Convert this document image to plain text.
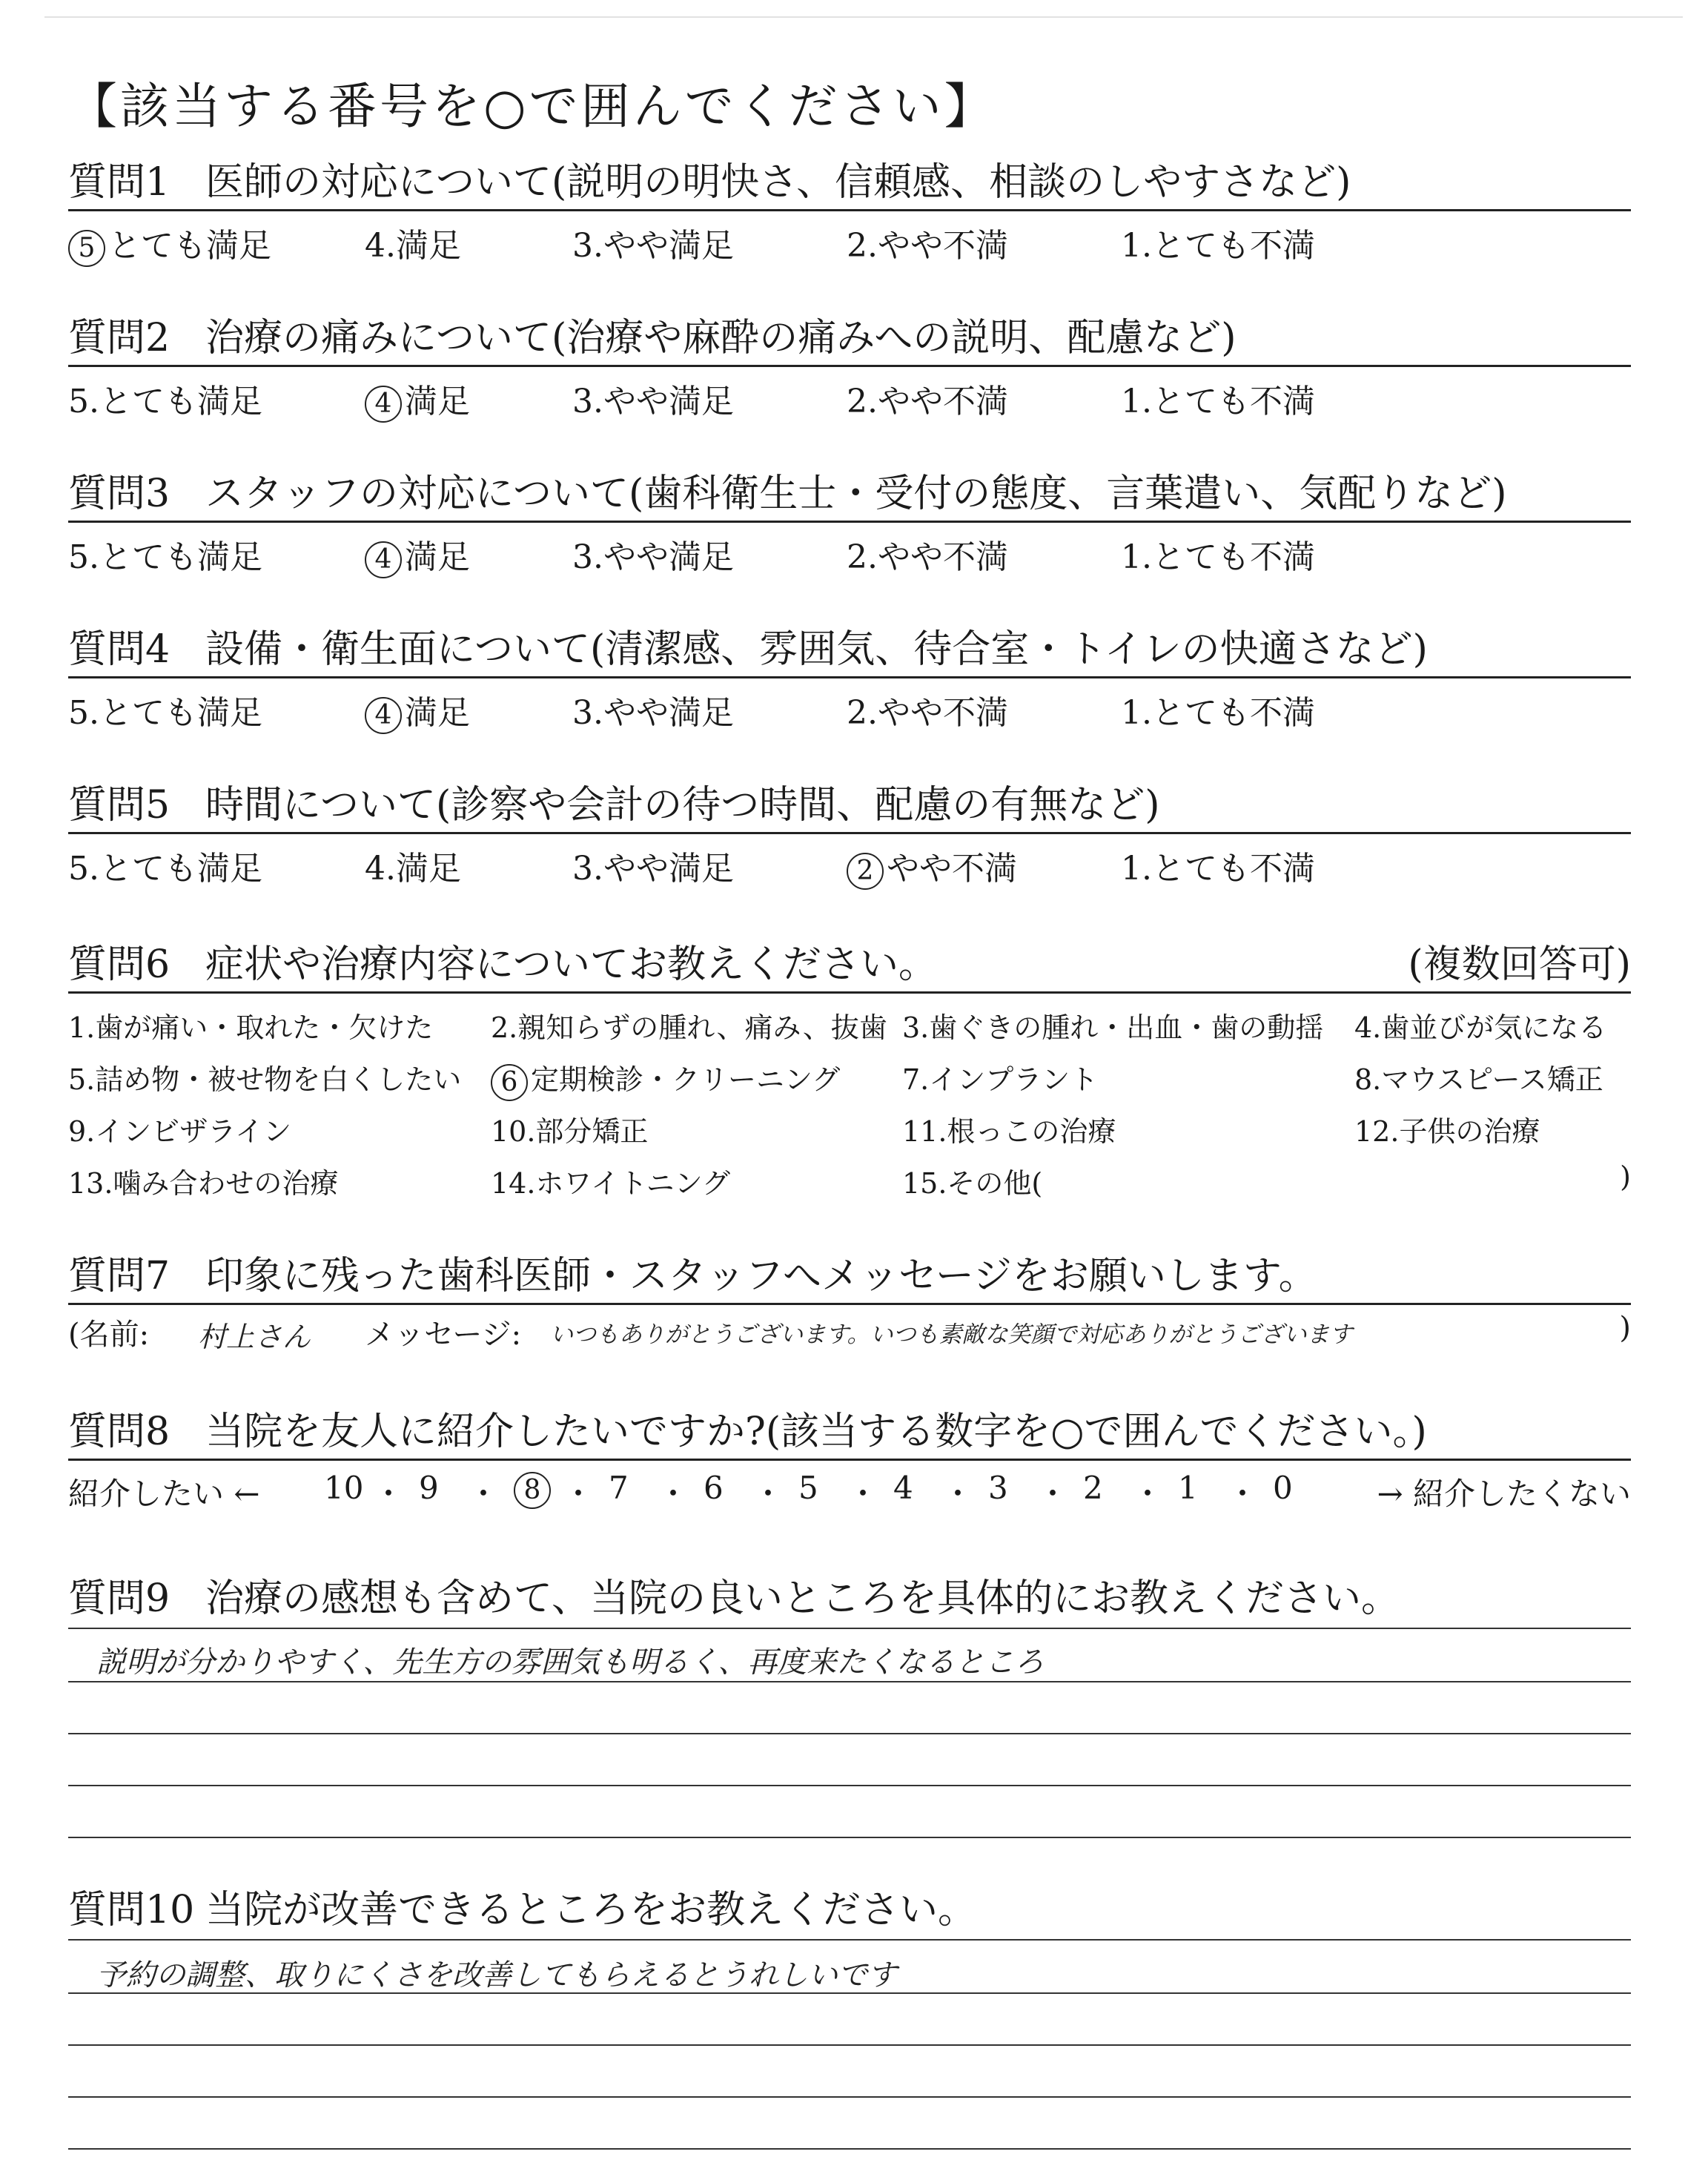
【該当する番号を○で囲んでください】
質問1 医師の対応について(説明の明快さ、信頼感、相談のしやすさなど)
5 とても満足	4.満足	3.やや満足	2.やや不満	1.とても不満
質問2 治療の痛みについて(治療や麻酔の痛みへの説明、配慮など)
5.とても満足	4 満足	3.やや満足	2.やや不満	1.とても不満
質問3 スタッフの対応について(歯科衛生士・受付の態度、言葉遣い、気配りなど)
5.とても満足	4 満足	3.やや満足	2.やや不満	1.とても不満
質問4 設備・衛生面について(清潔感、雰囲気、待合室・トイレの快適さなど)
5.とても満足	4 満足	3.やや満足	2.やや不満	1.とても不満
質問5 時間について(診察や会計の待つ時間、配慮の有無など)
5.とても満足	4.満足	3.やや満足	2 やや不満	1.とても不満
質問6 症状や治療内容についてお教えください。	(複数回答可)
1.歯が痛い・取れた・欠けた 2.親知らずの腫れ、痛み、抜歯 3.歯ぐきの腫れ・出血・歯の動揺 4.歯並びが気になる
5.詰め物・被せ物を白くしたい	6 定期検診・クリーニング 7.インプラント	8.マウスピース矯正
9.インビザライン	10.部分矯正	11.根っこの治療	12.子供の治療
13.噛み合わせの治療	14.ホワイトニング	15.その他(	)
質問7 印象に残った歯科医師・スタッフへメッセージをお願いします。
(名前: 村上さん メッセージ: いつもありがとうございます。いつも素敵な笑顔で対応ありがとうございます	)
質問8 当院を友人に紹介したいですか?(該当する数字を○で囲んでください。)
紹介したい ←	→ 紹介したくない
10 ・ 9 ・ 8 ・ 7 ・ 6 ・ 5 ・ 4 ・ 3 ・ 2 ・ 1 ・ 0
質問9 治療の感想も含めて、当院の良いところを具体的にお教えください。
説明が分かりやすく、先生方の雰囲気も明るく、再度来たくなるところ
質問10 当院が改善できるところをお教えください。
予約の調整、取りにくさを改善してもらえるとうれしいです
